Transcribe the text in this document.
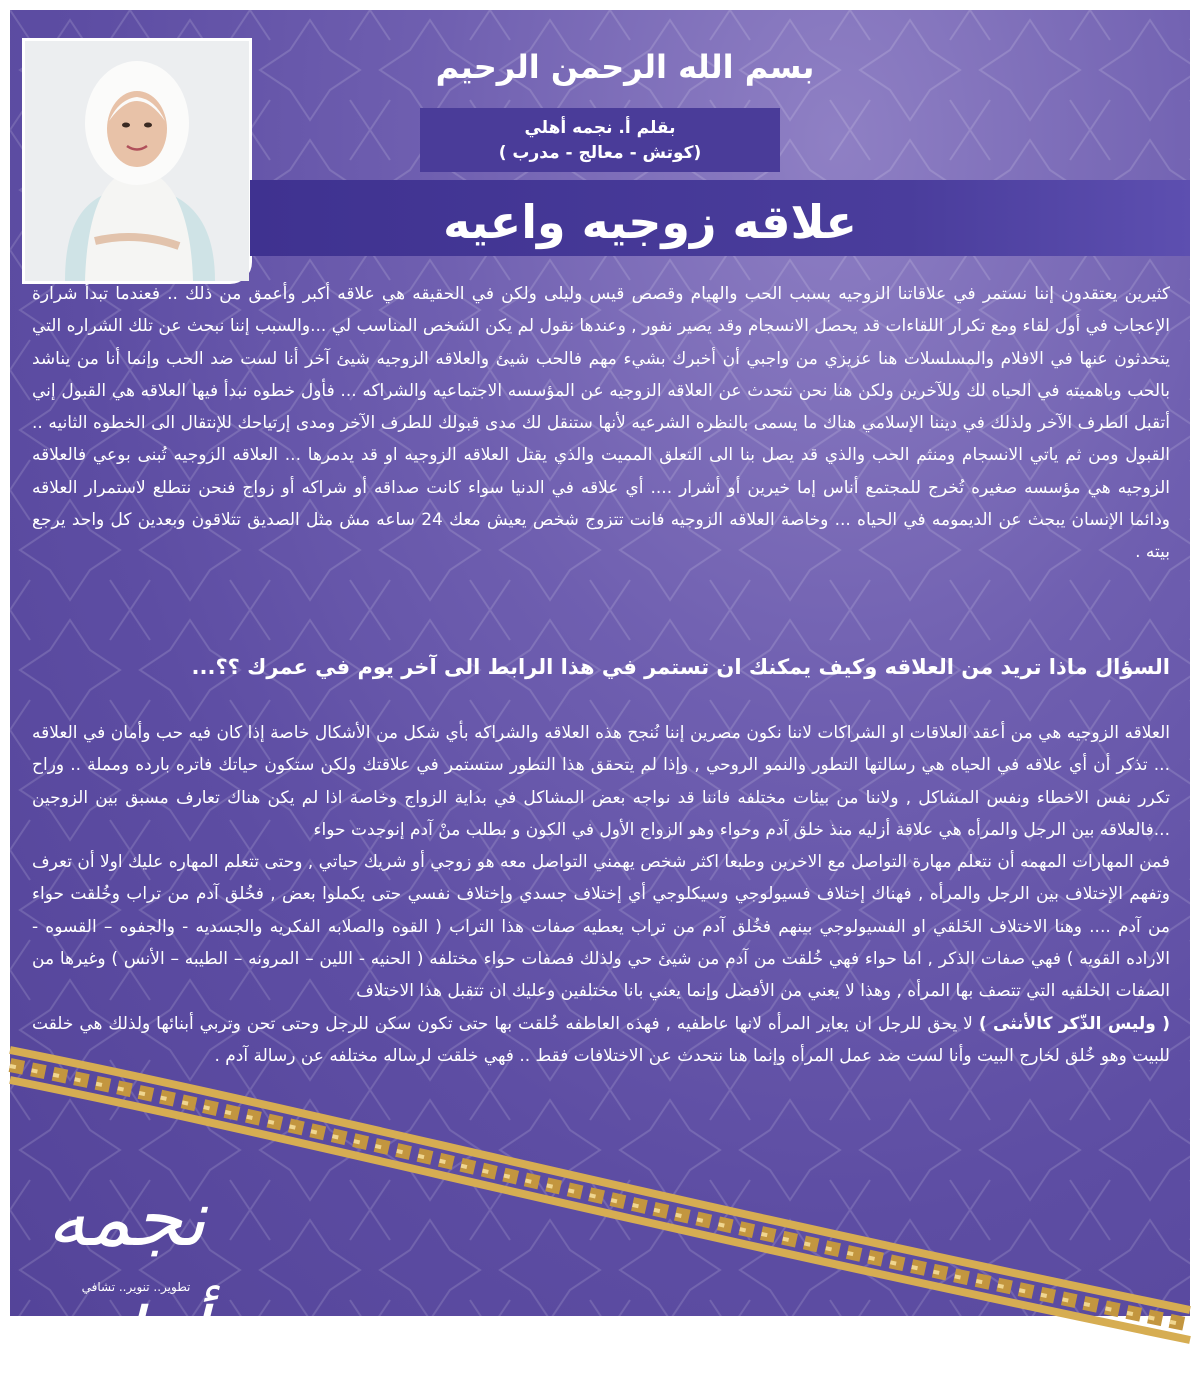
بسم الله الرحمن الرحيم
بقلم أ. نجمه أهلي
(كوتش - معالج - مدرب )
علاقه زوجيه واعيه

كثيرين يعتقدون إننا نستمر في علاقاتنا الزوجيه بسبب الحب والهيام وقصص قيس وليلى ولكن في الحقيقه هي علاقه أكبر وأعمق من ذلك .. فعندما تبدأ شرارة الإعجاب في أول لقاء ومع تكرار اللقاءات قد يحصل الانسجام وقد يصير نفور , وعندها نقول لم يكن الشخص المناسب لي ...والسبب إننا نبحث عن تلك الشراره التي يتحدثون عنها في الافلام والمسلسلات هنا عزيزي من واجبي أن أخبرك بشيء مهم فالحب شيئ والعلاقه الزوجيه شيئ آخر أنا لست ضد الحب وإنما أنا من يناشد بالحب وباهميته في الحياه لك وللآخرين ولكن هنا نحن نتحدث عن العلاقه الزوجيه عن المؤسسه الاجتماعيه والشراكه ... فأول خطوه نبدأ فيها العلاقه هي القبول إني أتقبل الطرف الآخر ولذلك في ديننا الإسلامي هناك ما يسمى بالنظره الشرعيه لأنها ستنقل لك مدى قبولك للطرف الآخر ومدى إرتياحك للإنتقال الى الخطوه الثانيه .. القبول ومن ثم ياتي الانسجام ومنثم الحب والذي قد يصل بنا الى التعلق المميت والذي يقتل العلاقه الزوجيه او قد يدمرها ... العلاقه الزوجيه تُبنى بوعي فالعلاقه الزوجيه هي مؤسسه صغيره تُخرج للمجتمع أناس إما خيرين أو أشرار .... أي علاقه في الدنيا سواء كانت صداقه أو شراكه أو زواج فنحن نتطلع لاستمرار العلاقه ودائما الإنسان يبحث عن الديمومه في الحياه ... وخاصة العلاقه الزوجيه فانت تتزوج شخص يعيش معك 24 ساعه مش مثل الصديق تتلاقون وبعدين كل واحد يرجع بيته .

السؤال ماذا تريد من العلاقه وكيف يمكنك ان تستمر في هذا الرابط الى آخر يوم في عمرك ؟؟...

العلاقه الزوجيه هي من أعقد العلاقات او الشراكات لاننا نكون مصرين إننا نُنجح هذه العلاقه والشراكه بأي شكل من الأشكال خاصة إذا كان فيه حب وأمان في العلاقه ... تذكر أن أي علاقه في الحياه هي رسالتها التطور والنمو الروحي , وإذا لم يتحقق هذا التطور ستستمر في علاقتك ولكن ستكون حياتك فاتره بارده ومملة .. وراح تكرر نفس الاخطاء ونفس المشاكل , ولاننا من بيئات مختلفه فاننا قد نواجه بعض المشاكل في بداية الزواج وخاصة اذا لم يكن هناك تعارف مسبق بين الزوجين ...فالعلاقه بين الرجل والمرأه هي علاقة أزليه منذ خلق آدم وحواء وهو الزواج الأول في الكون و بطلب منْ آدم إنوجدت حواء

فمن المهارات المهمه أن نتعلم مهارة التواصل مع الاخرين وطبعا اكثر شخص يهمني التواصل معه هو زوجي أو شريك حياتي , وحتى تتعلم المهاره عليك اولا أن تعرف وتفهم الإختلاف بين الرجل والمرأه , فهناك إختلاف فسيولوجي وسيكلوجي أي إختلاف جسدي وإختلاف نفسي حتى يكملوا بعض , فخُلق آدم من تراب وخُلقت حواء من آدم .... وهنا الاختلاف الخَلقي او الفسيولوجي بينهم فخُلق آدم من تراب يعطيه صفات هذا التراب ( القوه والصلابه الفكريه والجسديه - والجفوه – القسوه - الاراده القويه ) فهي صفات الذكر , اما حواء فهي خُلقت من آدم من شيئ حي ولذلك فصفات حواء مختلفه ( الحنيه - اللين – المرونه – الطيبه – الأنس ) وغيرها من الصفات الخلقيه التي تتصف بها المرأه , وهذا لا يعني من الأفضل وإنما يعني بانا مختلفين وعليك ان تتقبل هذا الاختلاف

( وليس الذّكر كالأنثى ) لا يحق للرجل ان يعاير المرأه لانها عاطفيه , فهذه العاطفه خُلقت بها حتى تكون سكن للرجل وحتى تحن وتربي أبنائها ولذلك هي خلقت للبيت وهو خُلق لخارج البيت وأنا لست ضد عمل المرأه وإنما هنا نتحدث عن الاختلافات فقط .. فهي خلقت لرساله مختلفه عن رسالة آدم .

نجمه أهلي
تطوير.. تنوير.. تشافي
